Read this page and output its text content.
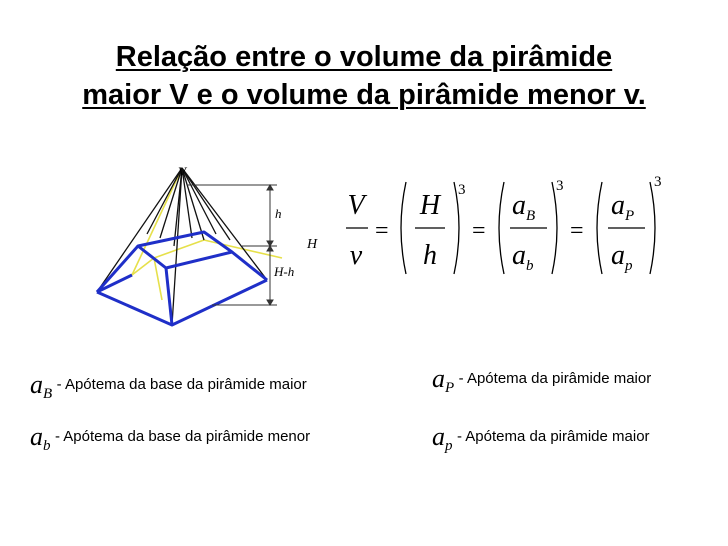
Relação entre o volume da pirâmide
maior V e o volume da pirâmide menor v.
V
h
H
H-h
V
v
=	=	=
3	3	3
H
h
$a_B$
$a_b$
$a_P$
$a_p$
$a_B$ - Apótema da base da pirâmide maior
$a_b$ - Apótema da base da pirâmide menor
$a_P$ - Apótema da pirâmide maior
$a_p$ - Apótema da pirâmide maior
